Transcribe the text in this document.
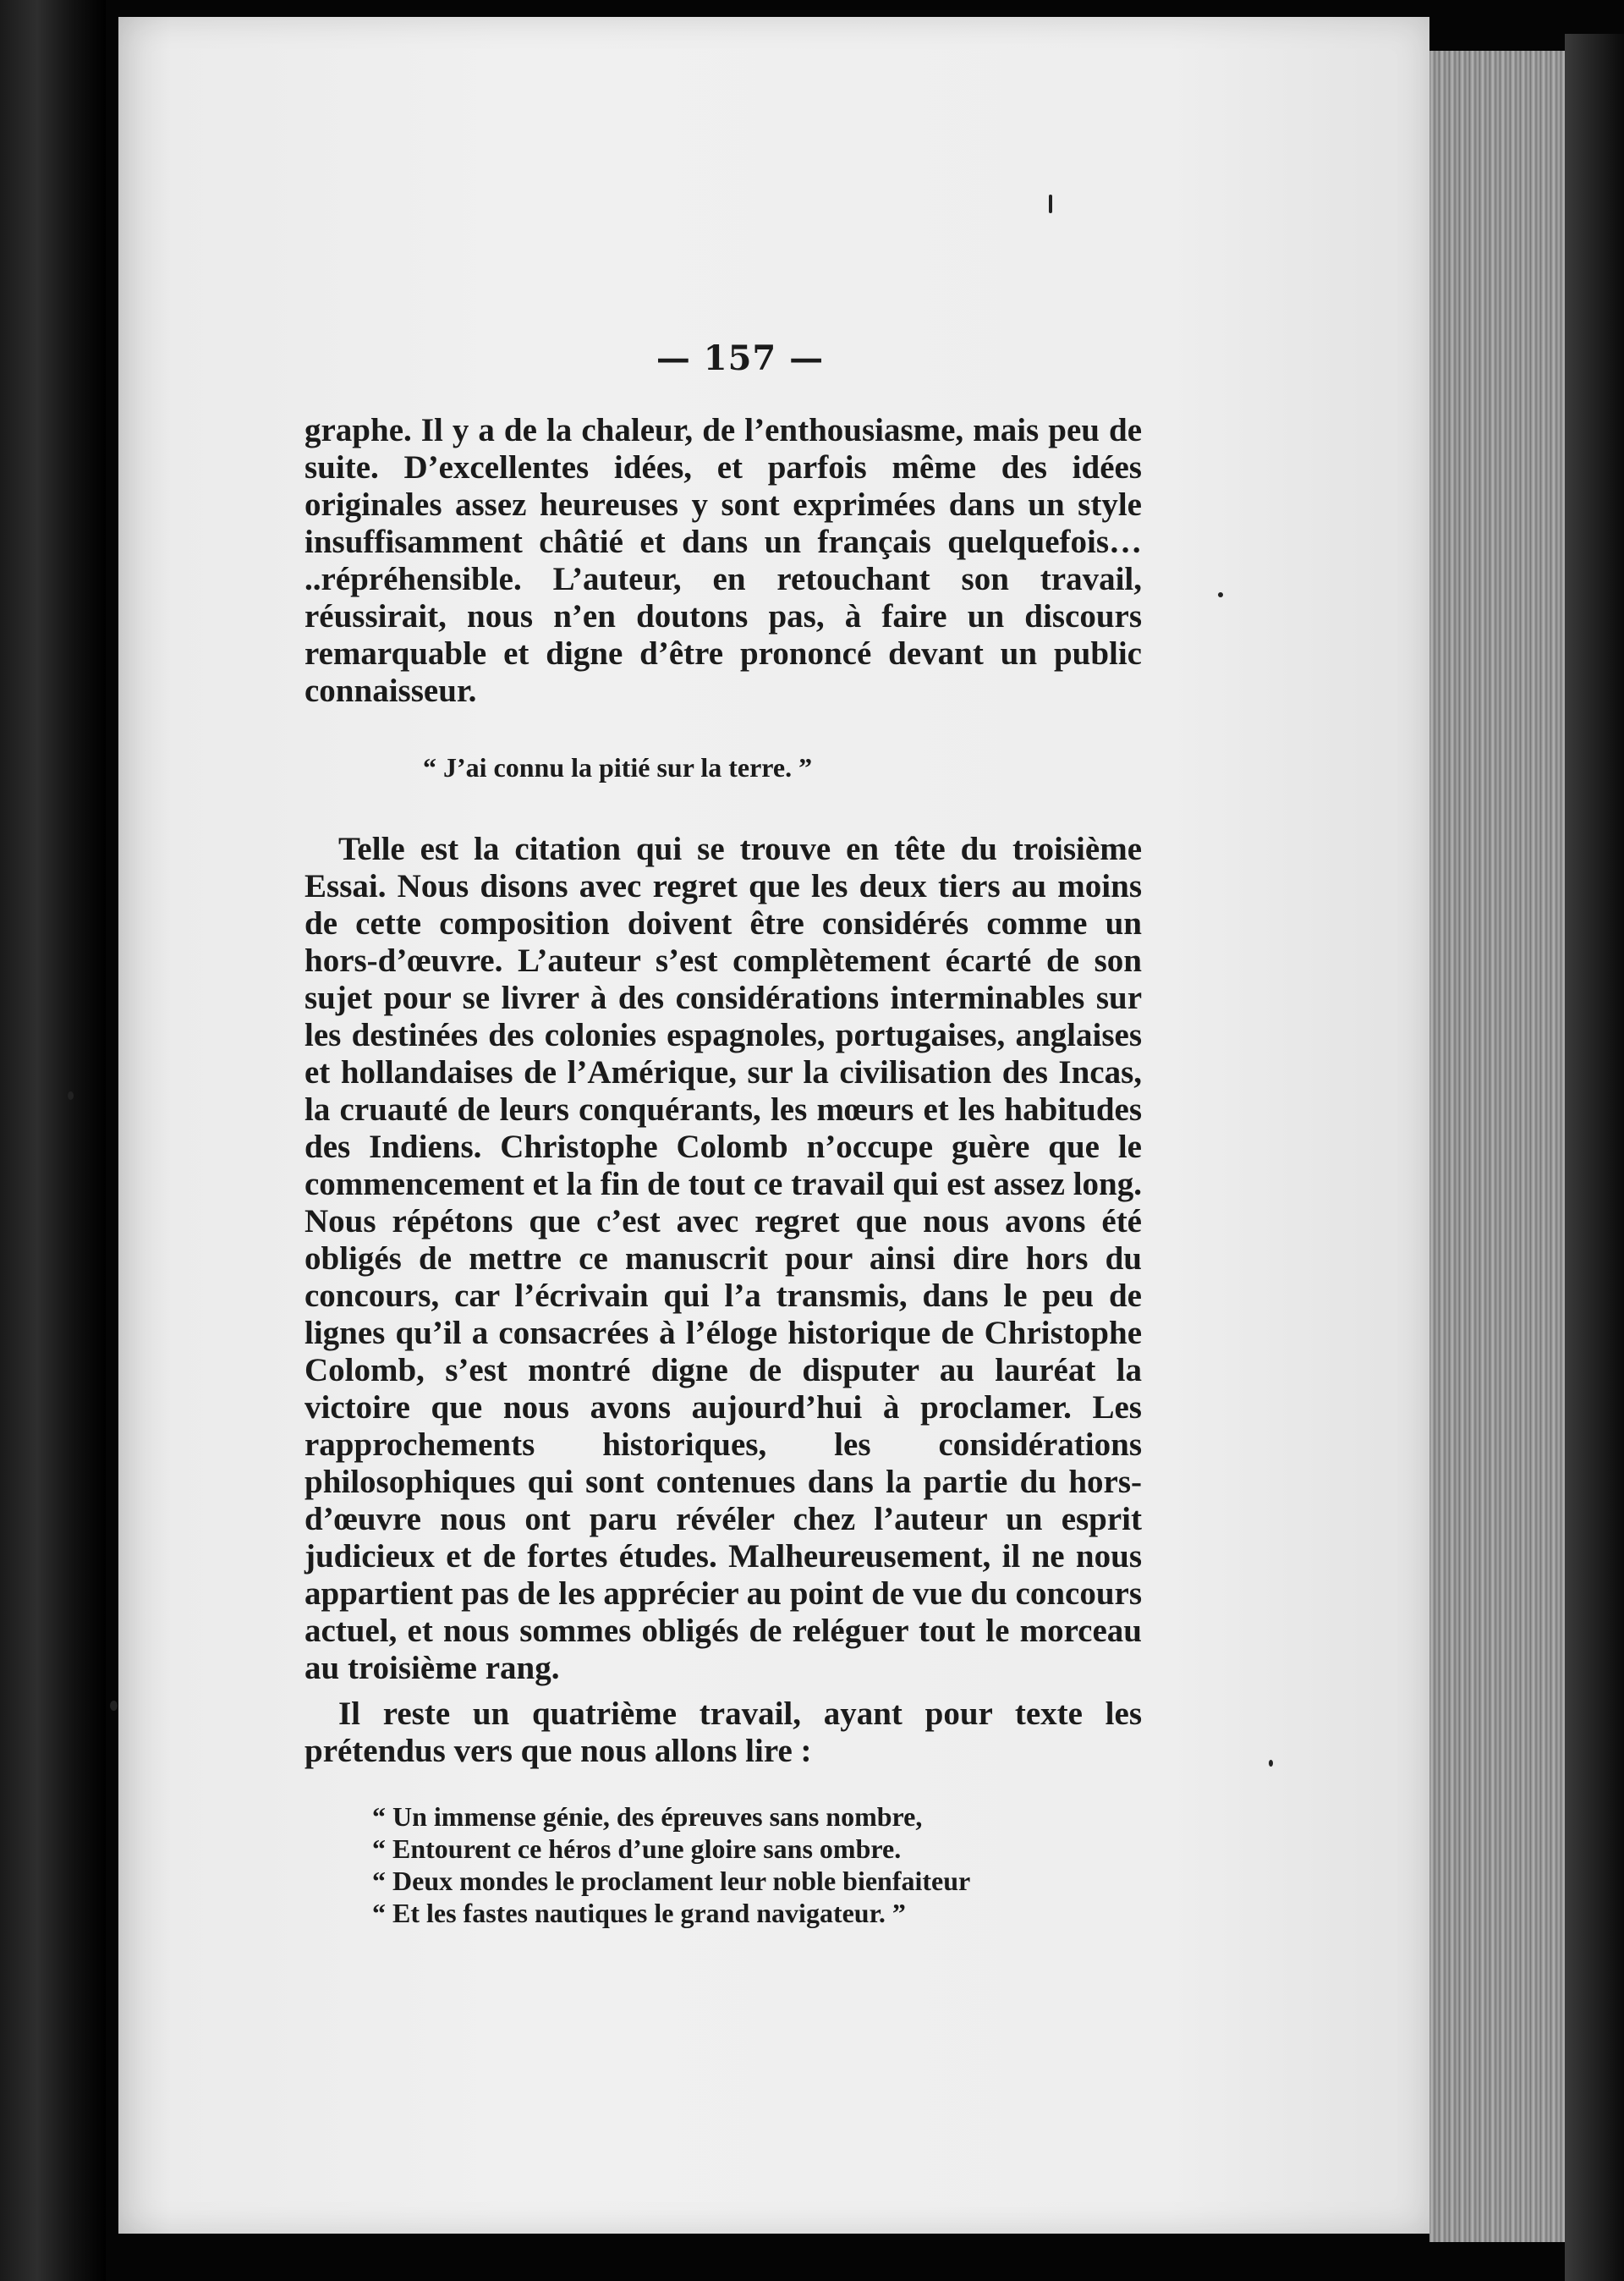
— 157 —

graphe. Il y a de la chaleur, de l’enthousiasme, mais peu de suite. D’excellentes idées, et parfois même des idées originales assez heureuses y sont exprimées dans un style insuffisamment châtié et dans un français quelquefois… ..répréhensible. L’auteur, en retouchant son travail, réussirait, nous n’en doutons pas, à faire un discours remarquable et digne d’être prononcé devant un public connaisseur.

“ J’ai connu la pitié sur la terre. ”

Telle est la citation qui se trouve en tête du troisième Essai. Nous disons avec regret que les deux tiers au moins de cette composition doivent être considérés comme un hors-d’œuvre. L’auteur s’est complètement écarté de son sujet pour se livrer à des considérations interminables sur les destinées des colonies espagnoles, portugaises, anglaises et hollandaises de l’Amérique, sur la civilisation des Incas, la cruauté de leurs conquérants, les mœurs et les habitudes des Indiens. Christophe Colomb n’occupe guère que le commencement et la fin de tout ce travail qui est assez long. Nous répétons que c’est avec regret que nous avons été obligés de mettre ce manuscrit pour ainsi dire hors du concours, car l’écrivain qui l’a transmis, dans le peu de lignes qu’il a consacrées à l’éloge historique de Christophe Colomb, s’est montré digne de disputer au lauréat la victoire que nous avons aujourd’hui à proclamer. Les rapprochements historiques, les considérations philosophiques qui sont contenues dans la partie du hors-d’œuvre nous ont paru révéler chez l’auteur un esprit judicieux et de fortes études. Malheureusement, il ne nous appartient pas de les apprécier au point de vue du concours actuel, et nous sommes obligés de reléguer tout le morceau au troisième rang.

Il reste un quatrième travail, ayant pour texte les prétendus vers que nous allons lire :

“ Un immense génie, des épreuves sans nombre,
“ Entourent ce héros d’une gloire sans ombre.
“ Deux mondes le proclament leur noble bienfaiteur
“ Et les fastes nautiques le grand navigateur. ”
